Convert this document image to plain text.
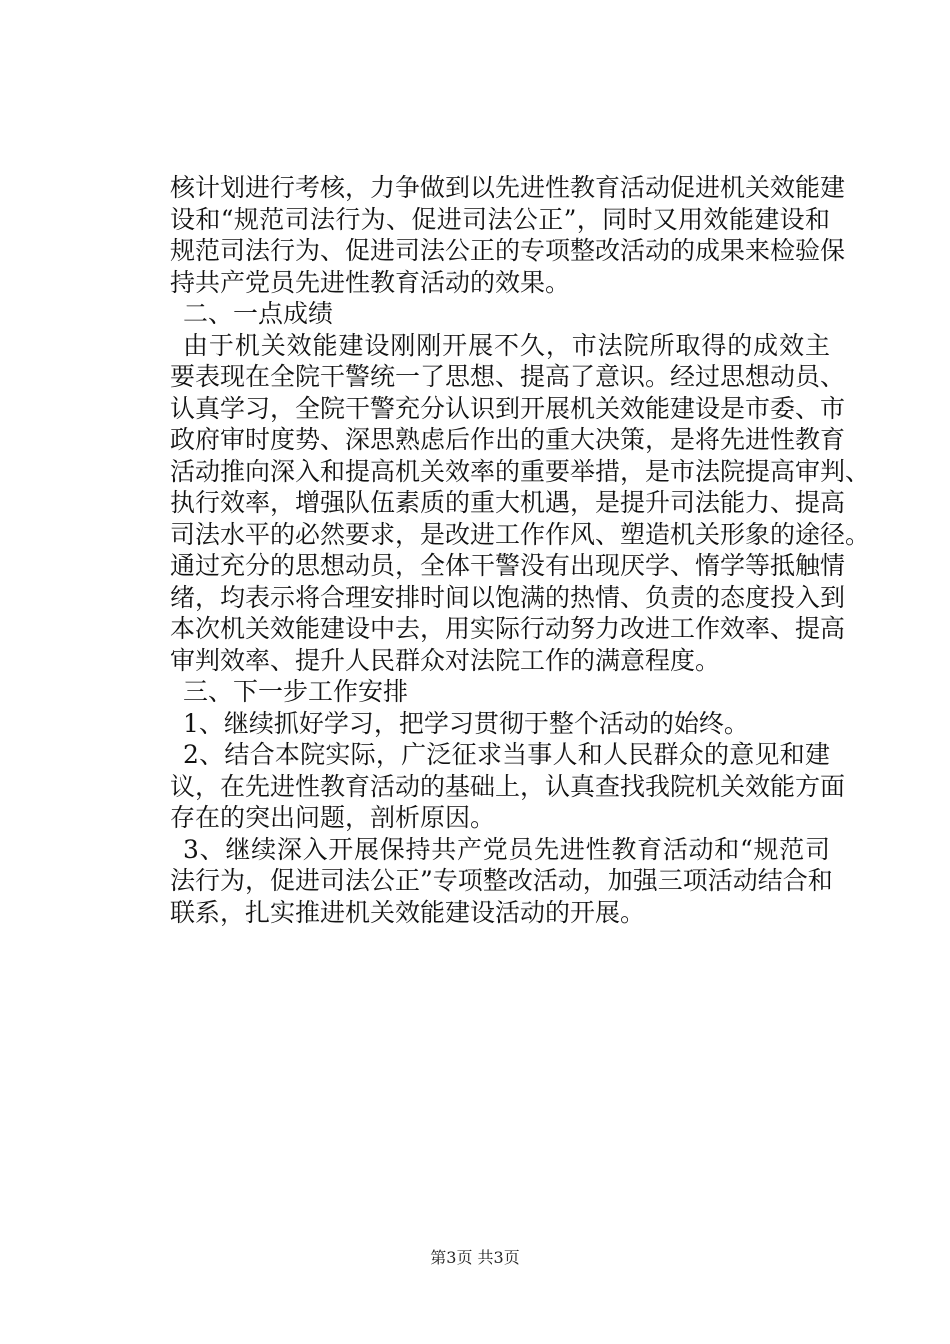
核计划进行考核，力争做到以先进性教育活动促进机关效能建
设和“规范司法行为、促进司法公正”，同时又用效能建设和
规范司法行为、促进司法公正的专项整改活动的成果来检验保
持共产党员先进性教育活动的效果。
二、一点成绩
由于机关效能建设刚刚开展不久，市法院所取得的成效主
要表现在全院干警统一了思想、提高了意识。经过思想动员、
认真学习，全院干警充分认识到开展机关效能建设是市委、市
政府审时度势、深思熟虑后作出的重大决策，是将先进性教育
活动推向深入和提高机关效率的重要举措，是市法院提高审判、
执行效率，增强队伍素质的重大机遇，是提升司法能力、提高
司法水平的必然要求，是改进工作作风、塑造机关形象的途径。
通过充分的思想动员，全体干警没有出现厌学、惰学等抵触情
绪，均表示将合理安排时间以饱满的热情、负责的态度投入到
本次机关效能建设中去，用实际行动努力改进工作效率、提高
审判效率、提升人民群众对法院工作的满意程度。
三、下一步工作安排
1、继续抓好学习，把学习贯彻于整个活动的始终。
2、结合本院实际，广泛征求当事人和人民群众的意见和建
议，在先进性教育活动的基础上，认真查找我院机关效能方面
存在的突出问题，剖析原因。
3、继续深入开展保持共产党员先进性教育活动和“规范司
法行为，促进司法公正”专项整改活动，加强三项活动结合和
联系，扎实推进机关效能建设活动的开展。
第3页 共3页
